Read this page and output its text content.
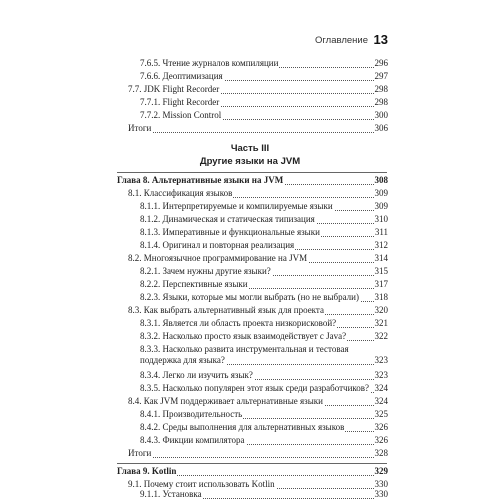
Оглавление 13
7.6.5. Чтение журналов компиляции	296
7.6.6. Деоптимизация	297
7.7. JDK Flight Recorder	298
7.7.1. Flight Recorder	298
7.7.2. Mission Control	300
Итоги	306
Часть III
Другие языки на JVM
Глава 8. Альтернативные языки на JVM	308
8.1. Классификация языков	309
8.1.1. Интерпретируемые и компилируемые языки	309
8.1.2. Динамическая и статическая типизация	310
8.1.3. Императивные и функциональные языки	311
8.1.4. Оригинал и повторная реализация	312
8.2. Многоязычное программирование на JVM	314
8.2.1. Зачем нужны другие языки?	315
8.2.2. Перспективные языки	317
8.2.3. Языки, которые мы могли выбрать (но не выбрали) 318
8.3. Как выбрать альтернативный язык для проекта	320
8.3.1. Является ли область проекта низкорисковой?	321
8.3.2. Насколько просто язык взаимодействует с Java?	322
8.3.3. Насколько развита инструментальная и тестовая
поддержка для языка?	323
8.3.4. Легко ли изучить язык?	323
8.3.5. Насколько популярен этот язык среди разработчиков? 324
8.4. Как JVM поддерживает альтернативные языки	324
8.4.1. Производительность	325
8.4.2. Среды выполнения для альтернативных языков	326
8.4.3. Фикции компилятора	326
Итоги	328
Глава 9. Kotlin	329
9.1. Почему стоит использовать Kotlin	330
9.1.1. Установка	330
